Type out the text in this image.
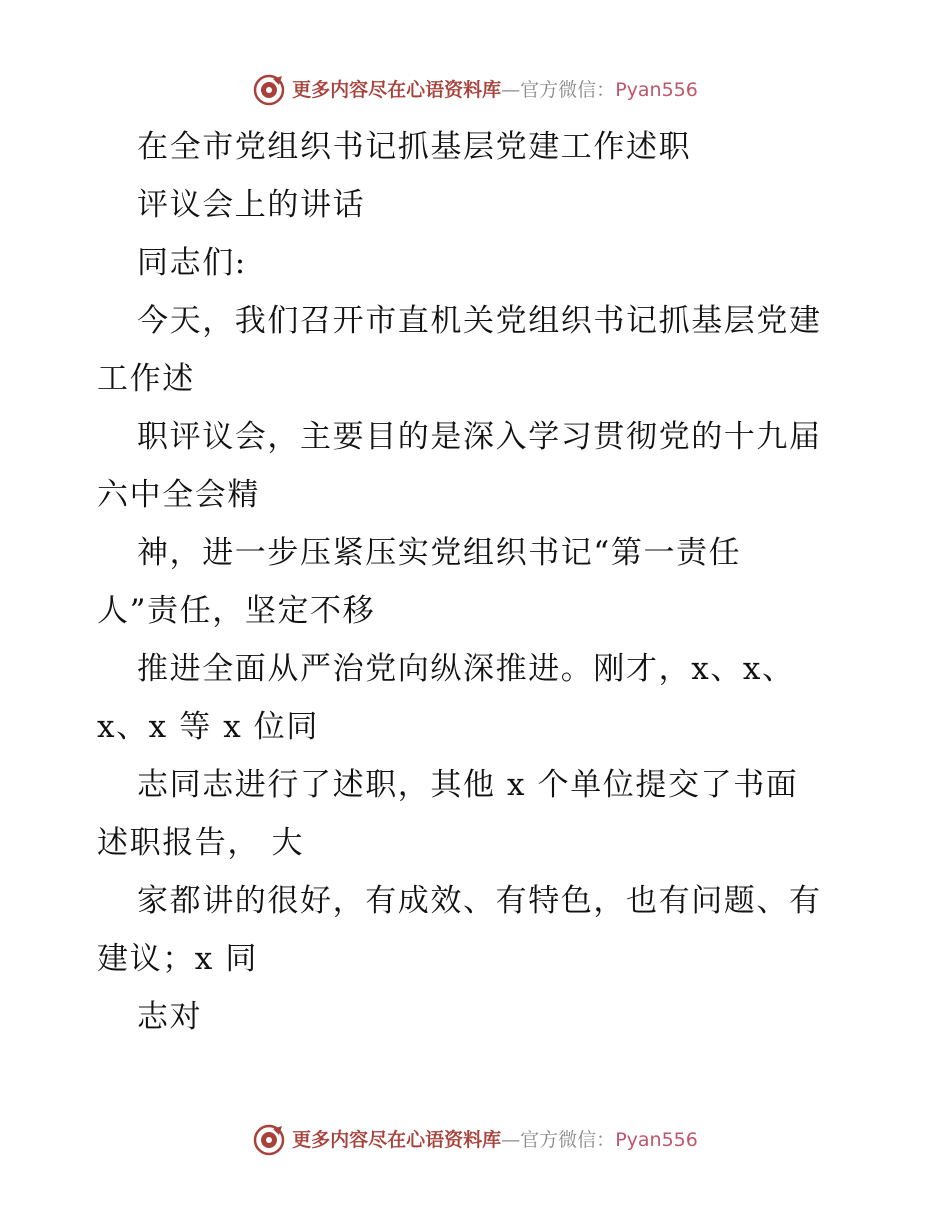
更多内容尽在心语资料库 —官方微信： Pyan556
在全市党组织书记抓基层党建工作述职
评议会上的讲话
同志们:
今天，我们召开市直机关党组织书记抓基层党建
工作述
职评议会，主要目的是深入学习贯彻党的十九届
六中全会精
神，进一步压紧压实党组织书记“第一责任
人”责任，坚定不移
推进全面从严治党向纵深推进。刚才，x、x、
x、x 等 x 位同
志同志进行了述职，其他 x 个单位提交了书面
述职报告， 大
家都讲的很好，有成效、有特色，也有问题、有
建议；x 同
志对
更多内容尽在心语资料库 —官方微信： Pyan556
